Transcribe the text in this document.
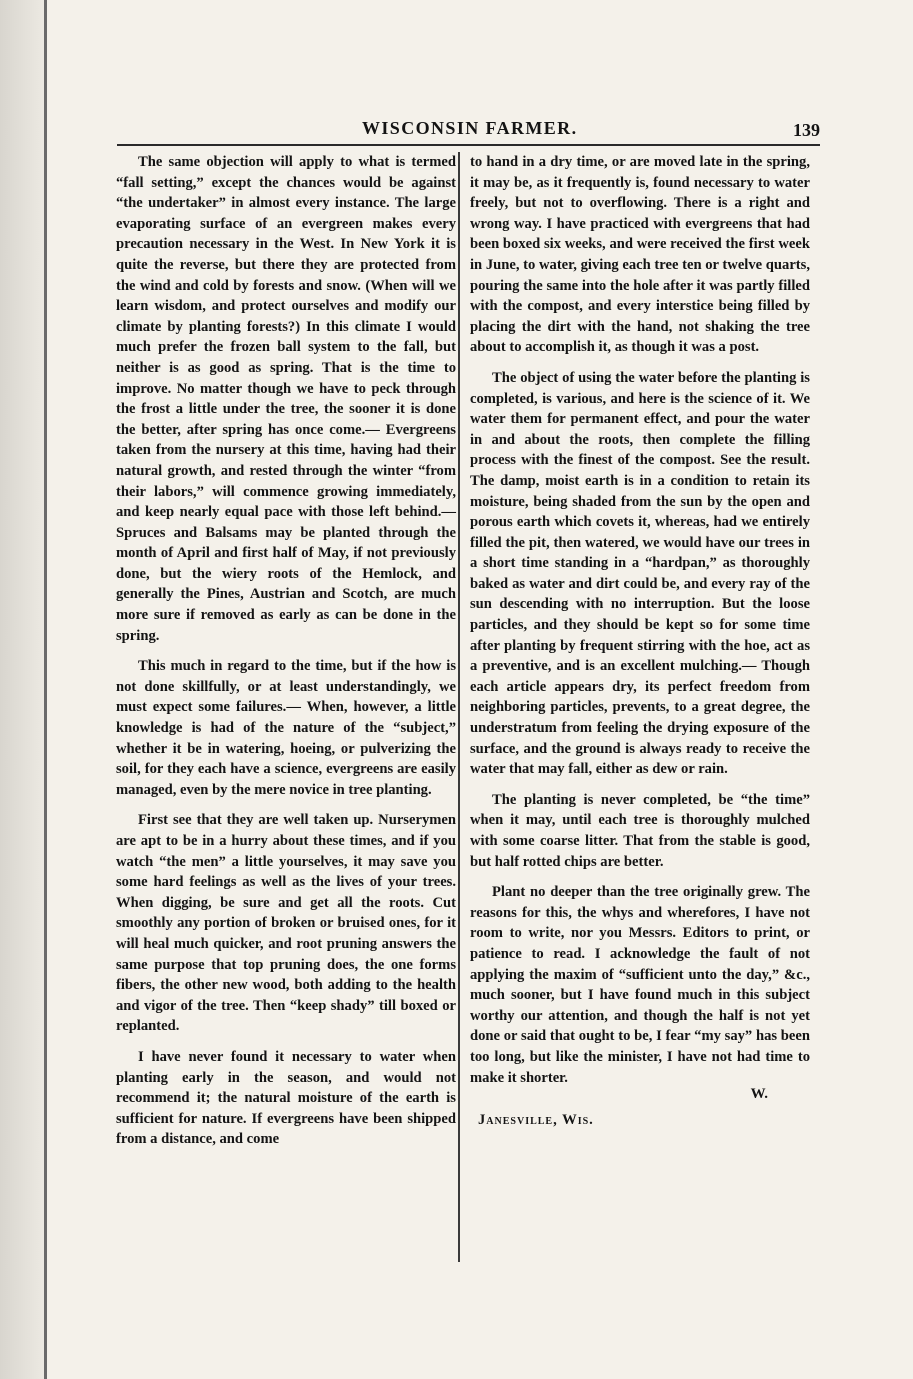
WISCONSIN FARMER.	139

The same objection will apply to what is termed “fall setting,” except the chances would be against “the undertaker” in almost every instance. The large evaporating surface of an evergreen makes every precaution necessary in the West. In New York it is quite the reverse, but there they are protected from the wind and cold by forests and snow. (When will we learn wisdom, and protect ourselves and modify our climate by planting forests?) In this climate I would much prefer the frozen ball system to the fall, but neither is as good as spring. That is the time to improve. No matter though we have to peck through the frost a little under the tree, the sooner it is done the better, after spring has once come.— Evergreens taken from the nursery at this time, having had their natural growth, and rested through the winter “from their labors,” will commence growing immediately, and keep nearly equal pace with those left behind.— Spruces and Balsams may be planted through the month of April and first half of May, if not previously done, but the wiery roots of the Hemlock, and generally the Pines, Austrian and Scotch, are much more sure if removed as early as can be done in the spring.

This much in regard to the time, but if the how is not done skillfully, or at least understandingly, we must expect some failures.— When, however, a little knowledge is had of the nature of the “subject,” whether it be in watering, hoeing, or pulverizing the soil, for they each have a science, evergreens are easily managed, even by the mere novice in tree planting.

First see that they are well taken up. Nurserymen are apt to be in a hurry about these times, and if you watch “the men” a little yourselves, it may save you some hard feelings as well as the lives of your trees. When digging, be sure and get all the roots. Cut smoothly any portion of broken or bruised ones, for it will heal much quicker, and root pruning answers the same purpose that top pruning does, the one forms fibers, the other new wood, both adding to the health and vigor of the tree. Then “keep shady” till boxed or replanted.

I have never found it necessary to water when planting early in the season, and would not recommend it; the natural moisture of the earth is sufficient for nature. If evergreens have been shipped from a distance, and come

to hand in a dry time, or are moved late in the spring, it may be, as it frequently is, found necessary to water freely, but not to overflowing. There is a right and wrong way. I have practiced with evergreens that had been boxed six weeks, and were received the first week in June, to water, giving each tree ten or twelve quarts, pouring the same into the hole after it was partly filled with the compost, and every interstice being filled by placing the dirt with the hand, not shaking the tree about to accomplish it, as though it was a post.

The object of using the water before the planting is completed, is various, and here is the science of it. We water them for permanent effect, and pour the water in and about the roots, then complete the filling process with the finest of the compost. See the result. The damp, moist earth is in a condition to retain its moisture, being shaded from the sun by the open and porous earth which covets it, whereas, had we entirely filled the pit, then watered, we would have our trees in a short time standing in a “hardpan,” as thoroughly baked as water and dirt could be, and every ray of the sun descending with no interruption. But the loose particles, and they should be kept so for some time after planting by frequent stirring with the hoe, act as a preventive, and is an excellent mulching.— Though each article appears dry, its perfect freedom from neighboring particles, prevents, to a great degree, the understratum from feeling the drying exposure of the surface, and the ground is always ready to receive the water that may fall, either as dew or rain.

The planting is never completed, be “the time” when it may, until each tree is thoroughly mulched with some coarse litter. That from the stable is good, but half rotted chips are better.

Plant no deeper than the tree originally grew. The reasons for this, the whys and wherefores, I have not room to write, nor you Messrs. Editors to print, or patience to read. I acknowledge the fault of not applying the maxim of “sufficient unto the day,” &c., much sooner, but I have found much in this subject worthy our attention, and though the half is not yet done or said that ought to be, I fear “my say” has been too long, but like the minister, I have not had time to make it shorter.

W.
Janesville, Wis.
